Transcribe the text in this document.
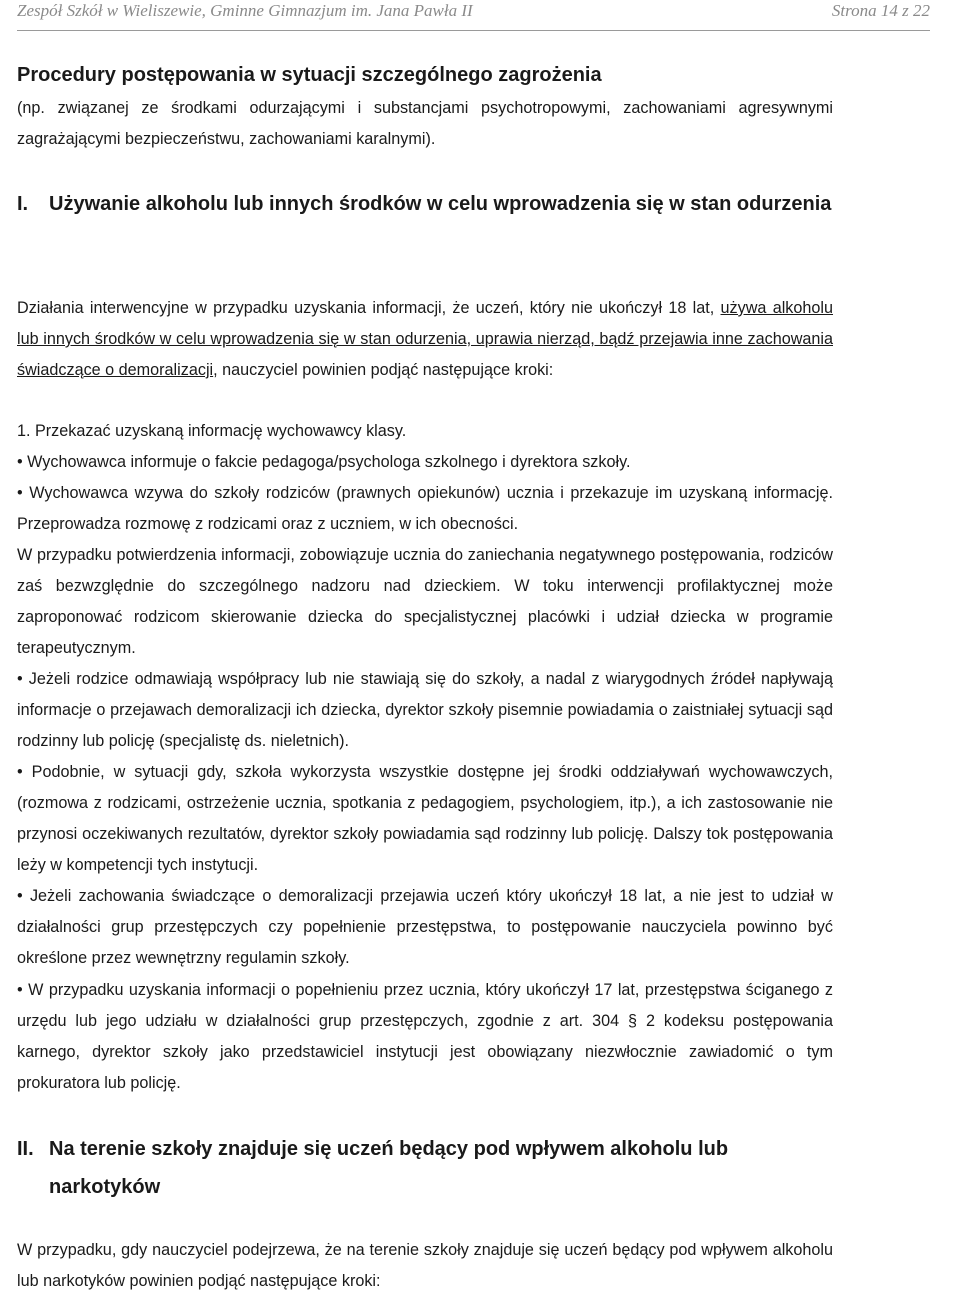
Zespół Szkół w Wieliszewie, Gminne Gimnazjum im. Jana Pawła II	Strona 14 z 22
Procedury postępowania w sytuacji szczególnego zagrożenia

(np. związanej ze środkami odurzającymi i substancjami psychotropowymi, zachowaniami agresywnymi zagrażającymi bezpieczeństwu, zachowaniami karalnymi).

I. Używanie alkoholu lub innych środków w celu wprowadzenia się w stan odurzenia

Działania interwencyjne w przypadku uzyskania informacji, że uczeń, który nie ukończył 18 lat, używa alkoholu lub innych środków w celu wprowadzenia się w stan odurzenia, uprawia nierząd, bądź przejawia inne zachowania świadczące o demoralizacji, nauczyciel powinien podjąć następujące kroki:

1. Przekazać uzyskaną informację wychowawcy klasy.

• Wychowawca informuje o fakcie pedagoga/psychologa szkolnego i dyrektora szkoły.

• Wychowawca wzywa do szkoły rodziców (prawnych opiekunów) ucznia i przekazuje im uzyskaną informację. Przeprowadza rozmowę z rodzicami oraz z uczniem, w ich obecności.

W przypadku potwierdzenia informacji, zobowiązuje ucznia do zaniechania negatywnego postępowania, rodziców zaś bezwzględnie do szczególnego nadzoru nad dzieckiem. W toku interwencji profilaktycznej może zaproponować rodzicom skierowanie dziecka do specjalistycznej placówki i udział dziecka w programie terapeutycznym.

• Jeżeli rodzice odmawiają współpracy lub nie stawiają się do szkoły, a nadal z wiarygodnych źródeł napływają informacje o przejawach demoralizacji ich dziecka, dyrektor szkoły pisemnie powiadamia o zaistniałej sytuacji sąd rodzinny lub policję (specjalistę ds. nieletnich).

• Podobnie, w sytuacji gdy, szkoła wykorzysta wszystkie dostępne jej środki oddziaływań wychowawczych, (rozmowa z rodzicami, ostrzeżenie ucznia, spotkania z pedagogiem, psychologiem, itp.), a ich zastosowanie nie przynosi oczekiwanych rezultatów, dyrektor szkoły powiadamia sąd rodzinny lub policję. Dalszy tok postępowania leży w kompetencji tych instytucji.

• Jeżeli zachowania świadczące o demoralizacji przejawia uczeń który ukończył 18 lat, a nie jest to udział w działalności grup przestępczych czy popełnienie przestępstwa, to postępowanie nauczyciela powinno być określone przez wewnętrzny regulamin szkoły.

• W przypadku uzyskania informacji o popełnieniu przez ucznia, który ukończył 17 lat, przestępstwa ściganego z urzędu lub jego udziału w działalności grup przestępczych, zgodnie z art. 304 § 2 kodeksu postępowania karnego, dyrektor szkoły jako przedstawiciel instytucji jest obowiązany niezwłocznie zawiadomić o tym prokuratora lub policję.

II. Na terenie szkoły znajduje się uczeń będący pod wpływem alkoholu lub narkotyków

W przypadku, gdy nauczyciel podejrzewa, że na terenie szkoły znajduje się uczeń będący pod wpływem alkoholu lub narkotyków powinien podjąć następujące kroki:
